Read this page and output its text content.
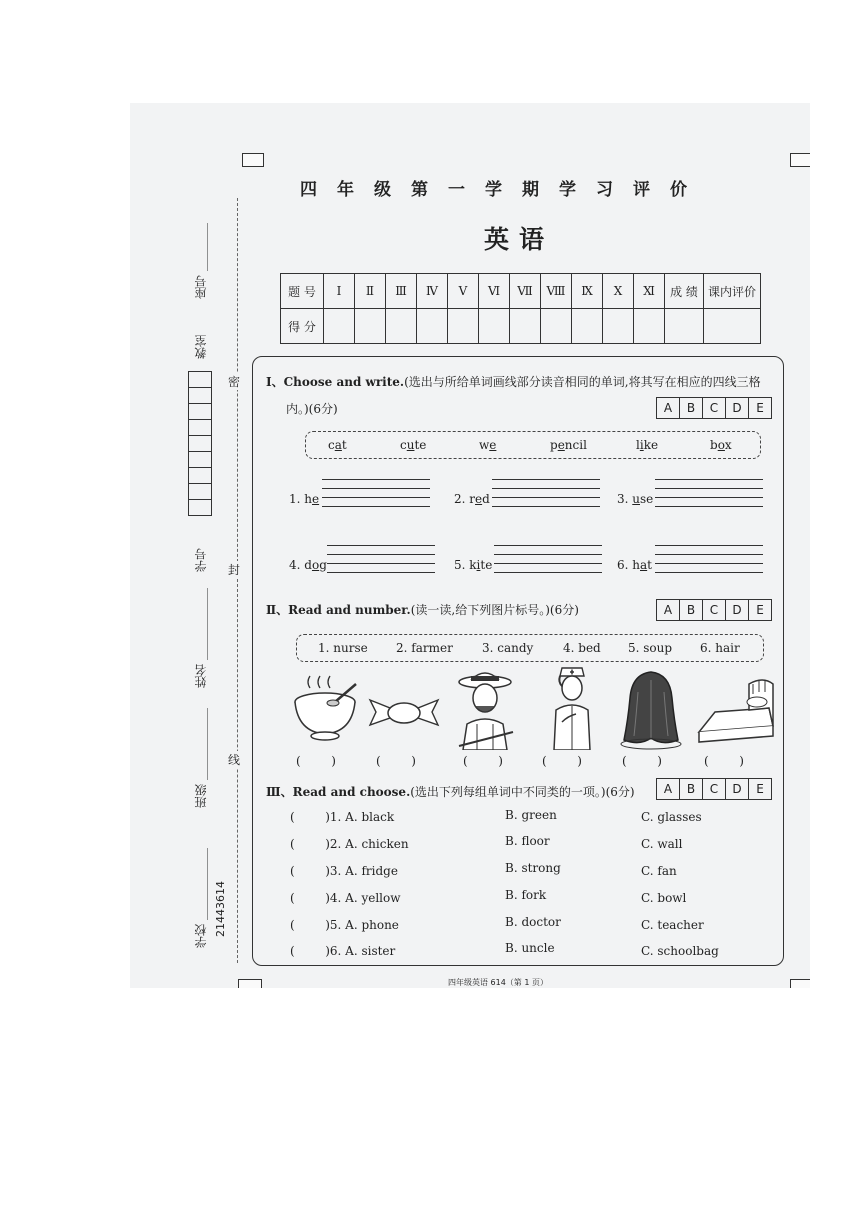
密
封
线
座号 ________
教室
学号
姓名 ____________
班级 ____________
学校 ____________ 21443614
四年级第一学期学习评价
英语
题 号	Ⅰ	Ⅱ	Ⅲ	Ⅳ	Ⅴ	Ⅵ	Ⅶ	Ⅷ	Ⅸ	Ⅹ	Ⅺ	成 绩	课内评价
得 分													
Ⅰ、Choose and write.(选出与所给单词画线部分读音相同的单词,将其写在相应的四线三格
内。)(6分)	A	B	C	D	E
cat	cute	we	pencil	like	box
1. he	2. red	3. use
4. dog	5. kite	6. hat
Ⅱ、Read and number.(读一读,给下列图片标号。)(6分)	A	B	C	D	E
1. nurse 2. farmer 3. candy 4. bed 5. soup 6. hair
(        )	(        )	(        )	(        )	(        )	(        )
Ⅲ、Read and choose.(选出下列每组单词中不同类的一项。)(6分)	A	B	C	D	E
(        )1. A. black	B. green	C. glasses
(        )2. A. chicken	B. floor	C. wall
(        )3. A. fridge	B. strong	C. fan
(        )4. A. yellow	B. fork	C. bowl
(        )5. A. phone	B. doctor	C. teacher
(        )6. A. sister	B. uncle	C. schoolbag
四年级英语 614（第 1 页）
